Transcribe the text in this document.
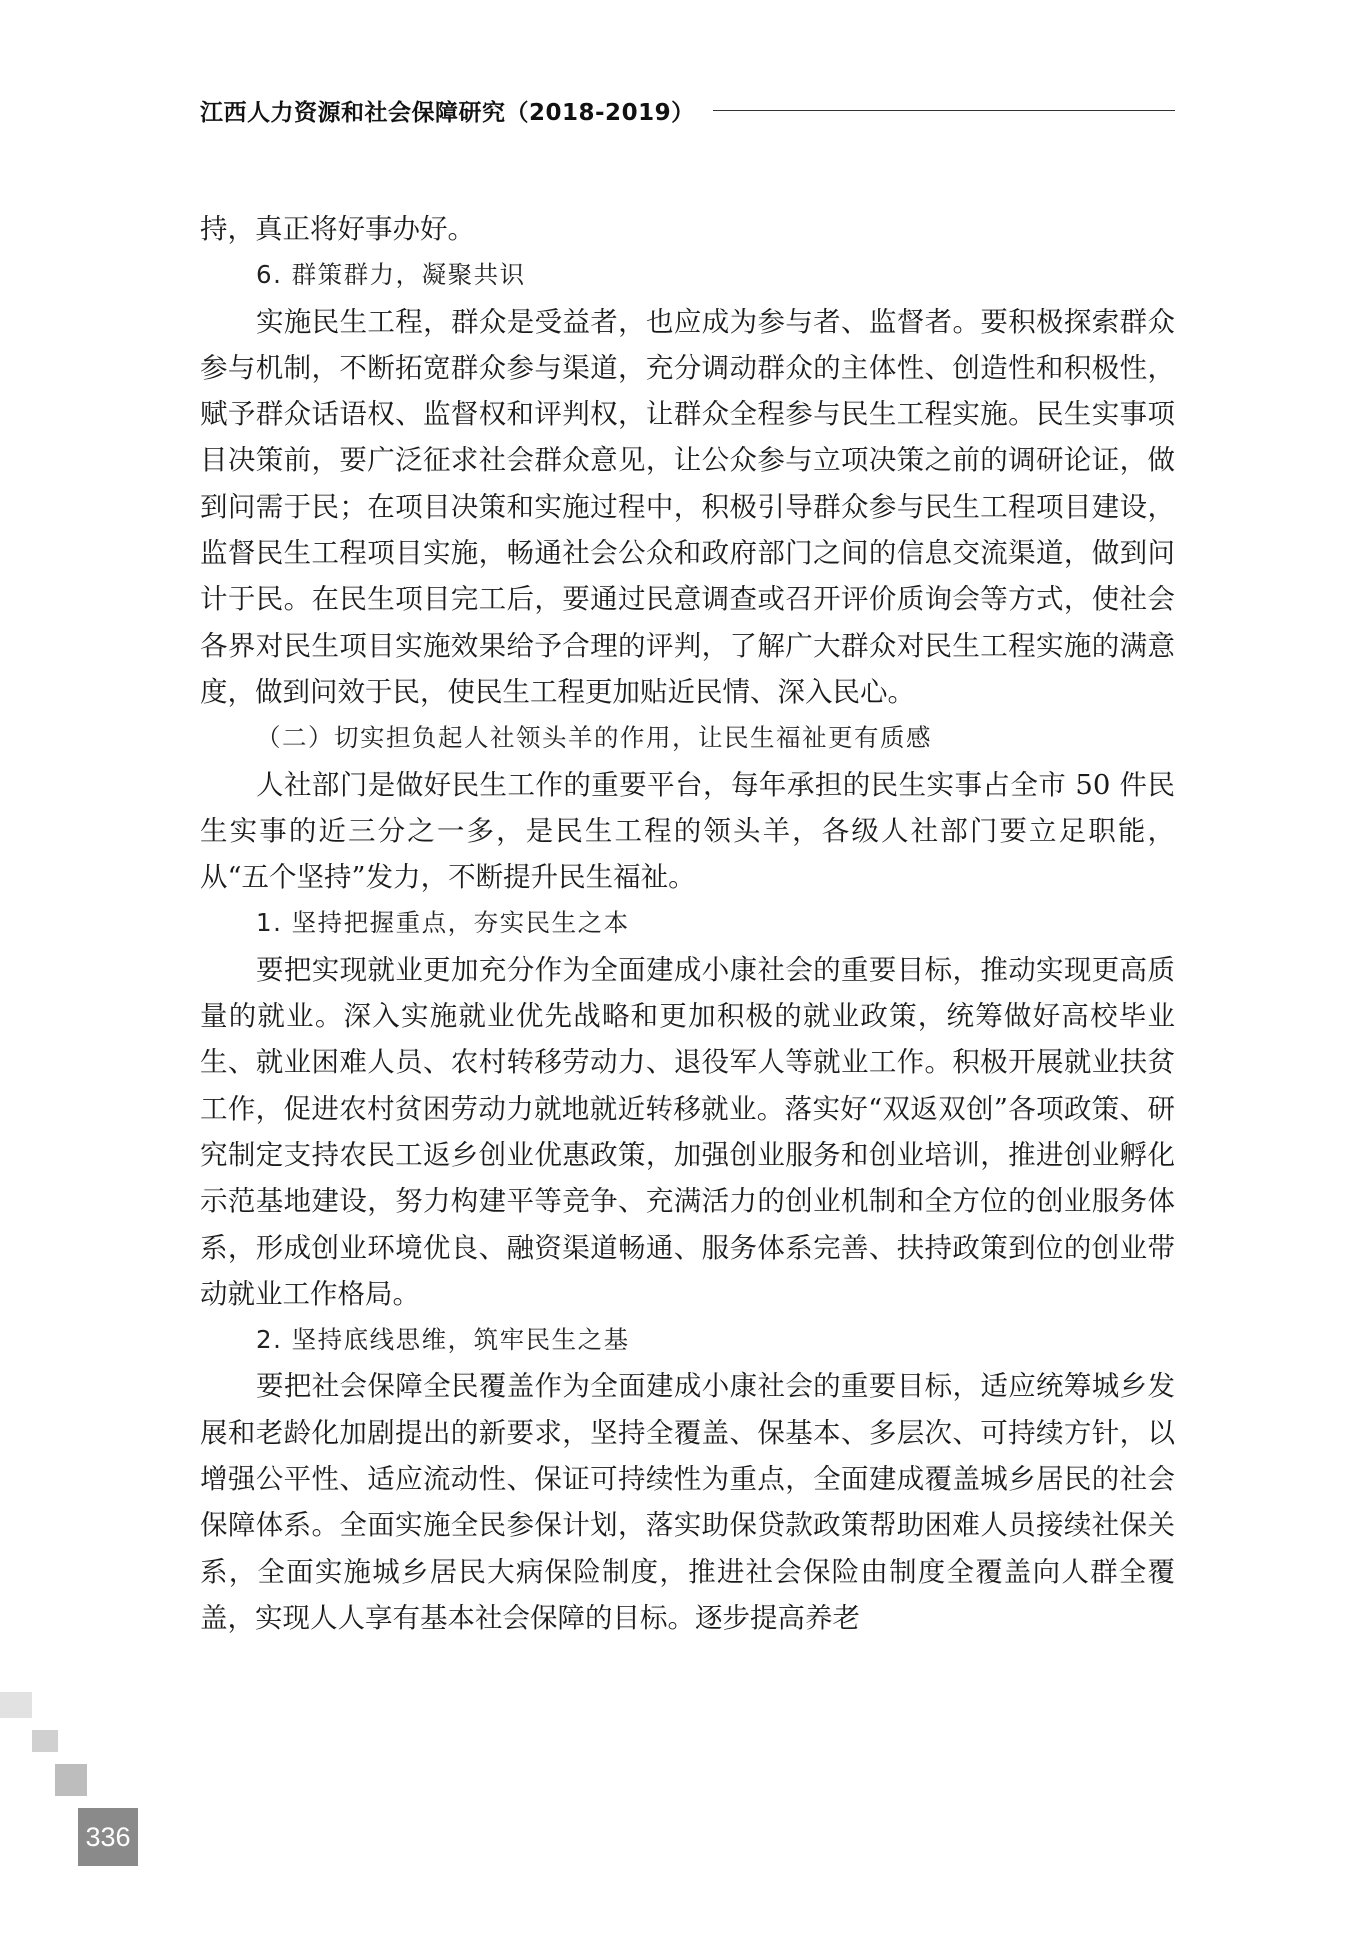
江西人力资源和社会保障研究（2018-2019）

持，真正将好事办好。

6. 群策群力，凝聚共识

实施民生工程，群众是受益者，也应成为参与者、监督者。要积极探索群众参与机制，不断拓宽群众参与渠道，充分调动群众的主体性、创造性和积极性，赋予群众话语权、监督权和评判权，让群众全程参与民生工程实施。民生实事项目决策前，要广泛征求社会群众意见，让公众参与立项决策之前的调研论证，做到问需于民；在项目决策和实施过程中，积极引导群众参与民生工程项目建设，监督民生工程项目实施，畅通社会公众和政府部门之间的信息交流渠道，做到问计于民。在民生项目完工后，要通过民意调查或召开评价质询会等方式，使社会各界对民生项目实施效果给予合理的评判，了解广大群众对民生工程实施的满意度，做到问效于民，使民生工程更加贴近民情、深入民心。

（二）切实担负起人社领头羊的作用，让民生福祉更有质感

人社部门是做好民生工作的重要平台，每年承担的民生实事占全市 50 件民生实事的近三分之一多，是民生工程的领头羊，各级人社部门要立足职能，从“五个坚持”发力，不断提升民生福祉。

1. 坚持把握重点，夯实民生之本

要把实现就业更加充分作为全面建成小康社会的重要目标，推动实现更高质量的就业。深入实施就业优先战略和更加积极的就业政策，统筹做好高校毕业生、就业困难人员、农村转移劳动力、退役军人等就业工作。积极开展就业扶贫工作，促进农村贫困劳动力就地就近转移就业。落实好“双返双创”各项政策、研究制定支持农民工返乡创业优惠政策，加强创业服务和创业培训，推进创业孵化示范基地建设，努力构建平等竞争、充满活力的创业机制和全方位的创业服务体系，形成创业环境优良、融资渠道畅通、服务体系完善、扶持政策到位的创业带动就业工作格局。

2. 坚持底线思维，筑牢民生之基

要把社会保障全民覆盖作为全面建成小康社会的重要目标，适应统筹城乡发展和老龄化加剧提出的新要求，坚持全覆盖、保基本、多层次、可持续方针，以增强公平性、适应流动性、保证可持续性为重点，全面建成覆盖城乡居民的社会保障体系。全面实施全民参保计划，落实助保贷款政策帮助困难人员接续社保关系，全面实施城乡居民大病保险制度，推进社会保险由制度全覆盖向人群全覆盖，实现人人享有基本社会保障的目标。逐步提高养老

336
